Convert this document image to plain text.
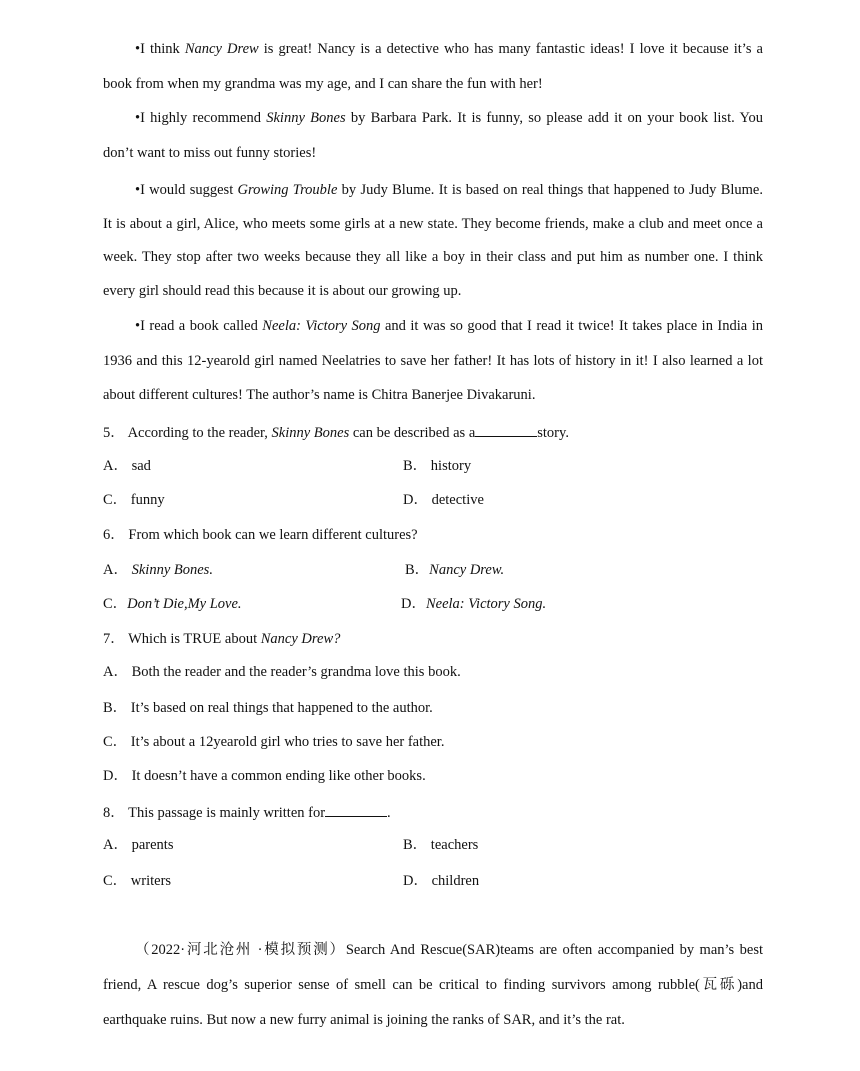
•I think Nancy Drew is great! Nancy is a detective who has many fantastic ideas! I love it because it’s a book from when my grandma was my age, and I can share the fun with her!

•I highly recommend Skinny Bones by Barbara Park. It is funny, so please add it on your book list. You don’t want to miss out funny stories!

•I would suggest Growing Trouble by Judy Blume. It is based on real things that happened to Judy Blume. It is about a girl, Alice, who meets some girls at a new state. They become friends, make a club and meet once a week. They stop after two weeks because they all like a boy in their class and put him as number one. I think every girl should read this because it is about our growing up.

•I read a book called Neela: Victory Song and it was so good that I read it twice! It takes place in India in 1936 and this 12-yearold girl named Neelatries to save her father! It has lots of history in it! I also learned a lot about different cultures! The author’s name is Chitra Banerjee Divakaruni.

5． According to the reader, Skinny Bones can be described as a	story.
A． sad	B． history
C． funny	D． detective
6． From which book can we learn different cultures?
A． Skinny Bones.	B．Nancy Drew.
C．Don’t Die,My Love.	D．Neela: Victory Song.
7． Which is TRUE about Nancy Drew?
A． Both the reader and the reader’s grandma love this book.
B． It’s based on real things that happened to the author.
C． It’s about a 12yearold girl who tries to save her father.
D． It doesn’t have a common ending like other books.
8． This passage is mainly written for	.
A． parents	B． teachers
C． writers	D． children

（2022·河北沧州 ·模拟预测）Search And Rescue(SAR)teams are often accompanied by man’s best friend, A rescue dog’s superior sense of smell can be critical to finding survivors among rubble(瓦砾)and earthquake ruins. But now a new furry animal is joining the ranks of SAR, and it’s the rat.
